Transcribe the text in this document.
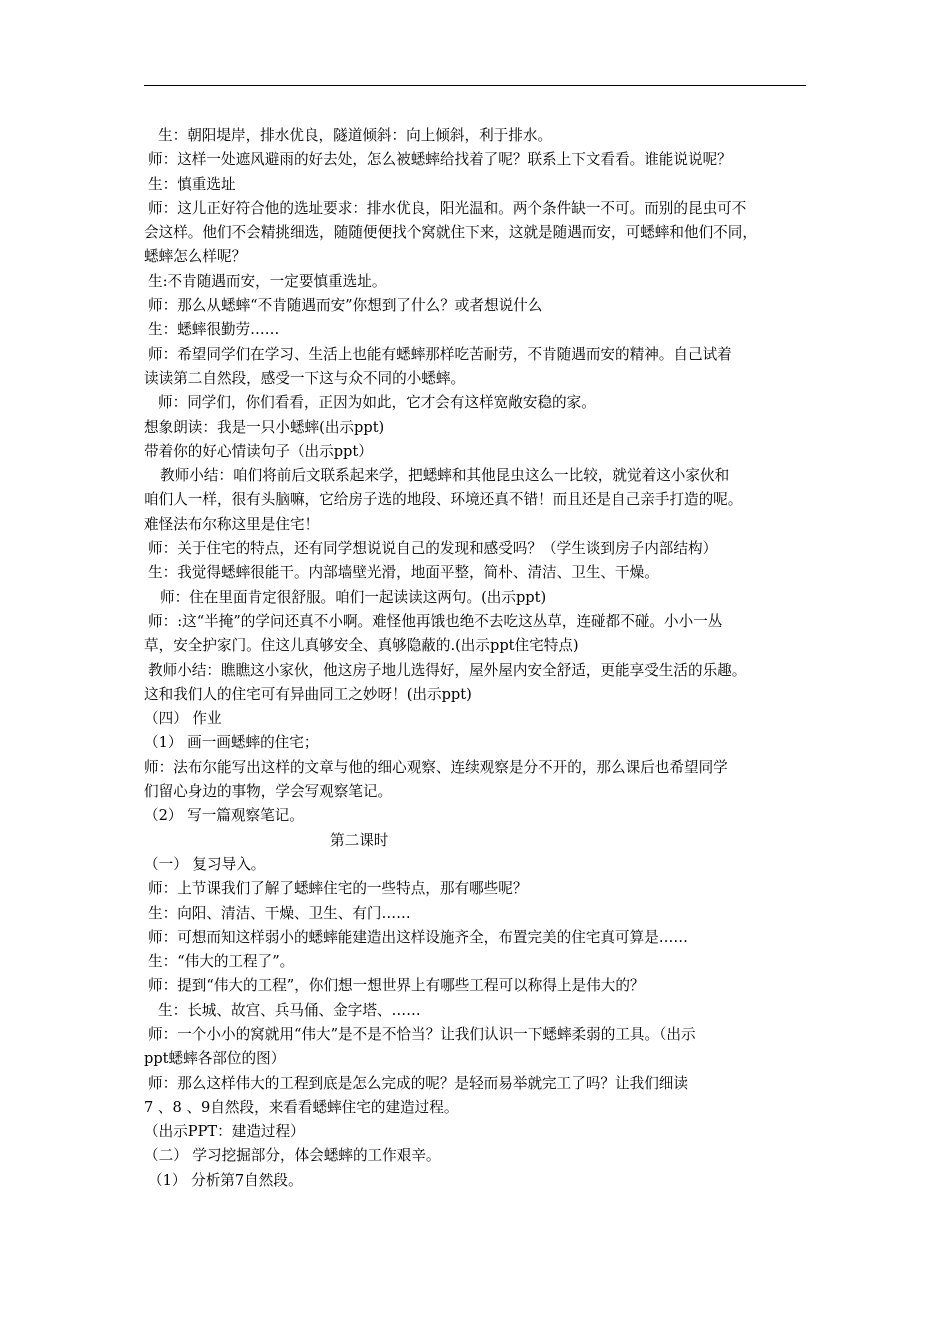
生：朝阳堤岸，排水优良，隧道倾斜：向上倾斜，利于排水。
师：这样一处遮风避雨的好去处，怎么被蟋蟀给找着了呢？联系上下文看看。谁能说说呢？
生：慎重选址
师：这儿正好符合他的选址要求：排水优良，阳光温和。两个条件缺一不可。而别的昆虫可不
会这样。他们不会精挑细选，随随便便找个窝就住下来，这就是随遇而安，可蟋蟀和他们不同，
蟋蟀怎么样呢？
生:不肯随遇而安，一定要慎重选址。
师：那么从蟋蟀“不肯随遇而安”你想到了什么？或者想说什么
生：蟋蟀很勤劳……
师：希望同学们在学习、生活上也能有蟋蟀那样吃苦耐劳，不肯随遇而安的精神。自己试着
读读第二自然段，感受一下这与众不同的小蟋蟀。
师：同学们，你们看看，正因为如此，它才会有这样宽敞安稳的家。
想象朗读：我是一只小蟋蟀(出示ppt)
带着你的好心情读句子（出示ppt）
教师小结：咱们将前后文联系起来学，把蟋蟀和其他昆虫这么一比较，就觉着这小家伙和
咱们人一样，很有头脑嘛，它给房子选的地段、环境还真不错！而且还是自己亲手打造的呢。
难怪法布尔称这里是住宅！
师：关于住宅的特点，还有同学想说说自己的发现和感受吗？（学生谈到房子内部结构）
生：我觉得蟋蟀很能干。内部墙壁光滑，地面平整，简朴、清洁、卫生、干燥。
师：住在里面肯定很舒服。咱们一起读读这两句。(出示ppt)
师：:这“半掩”的学问还真不小啊。难怪他再饿也绝不去吃这丛草，连碰都不碰。小小一丛
草，安全护家门。住这儿真够安全、真够隐蔽的.(出示ppt住宅特点)
教师小结：瞧瞧这小家伙，他这房子地儿选得好，屋外屋内安全舒适，更能享受生活的乐趣。
这和我们人的住宅可有异曲同工之妙呀！(出示ppt)
（四） 作业
（1） 画一画蟋蟀的住宅；
师：法布尔能写出这样的文章与他的细心观察、连续观察是分不开的，那么课后也希望同学
们留心身边的事物，学会写观察笔记。
（2） 写一篇观察笔记。
第二课时
（一） 复习导入。
师：上节课我们了解了蟋蟀住宅的一些特点，那有哪些呢？
生：向阳、清洁、干燥、卫生、有门……
师：可想而知这样弱小的蟋蟀能建造出这样设施齐全，布置完美的住宅真可算是……
生：“伟大的工程了”。
师：提到“伟大的工程”，你们想一想世界上有哪些工程可以称得上是伟大的？
生：长城、故宫、兵马俑、金字塔、……
师：一个小小的窝就用“伟大”是不是不恰当？让我们认识一下蟋蟀柔弱的工具。（出示
ppt蟋蟀各部位的图）
师：那么这样伟大的工程到底是怎么完成的呢？是轻而易举就完工了吗？让我们细读
7 、8 、9自然段，来看看蟋蟀住宅的建造过程。
（出示PPT：建造过程）
（二） 学习挖掘部分，体会蟋蟀的工作艰辛。
（1） 分析第7自然段。
